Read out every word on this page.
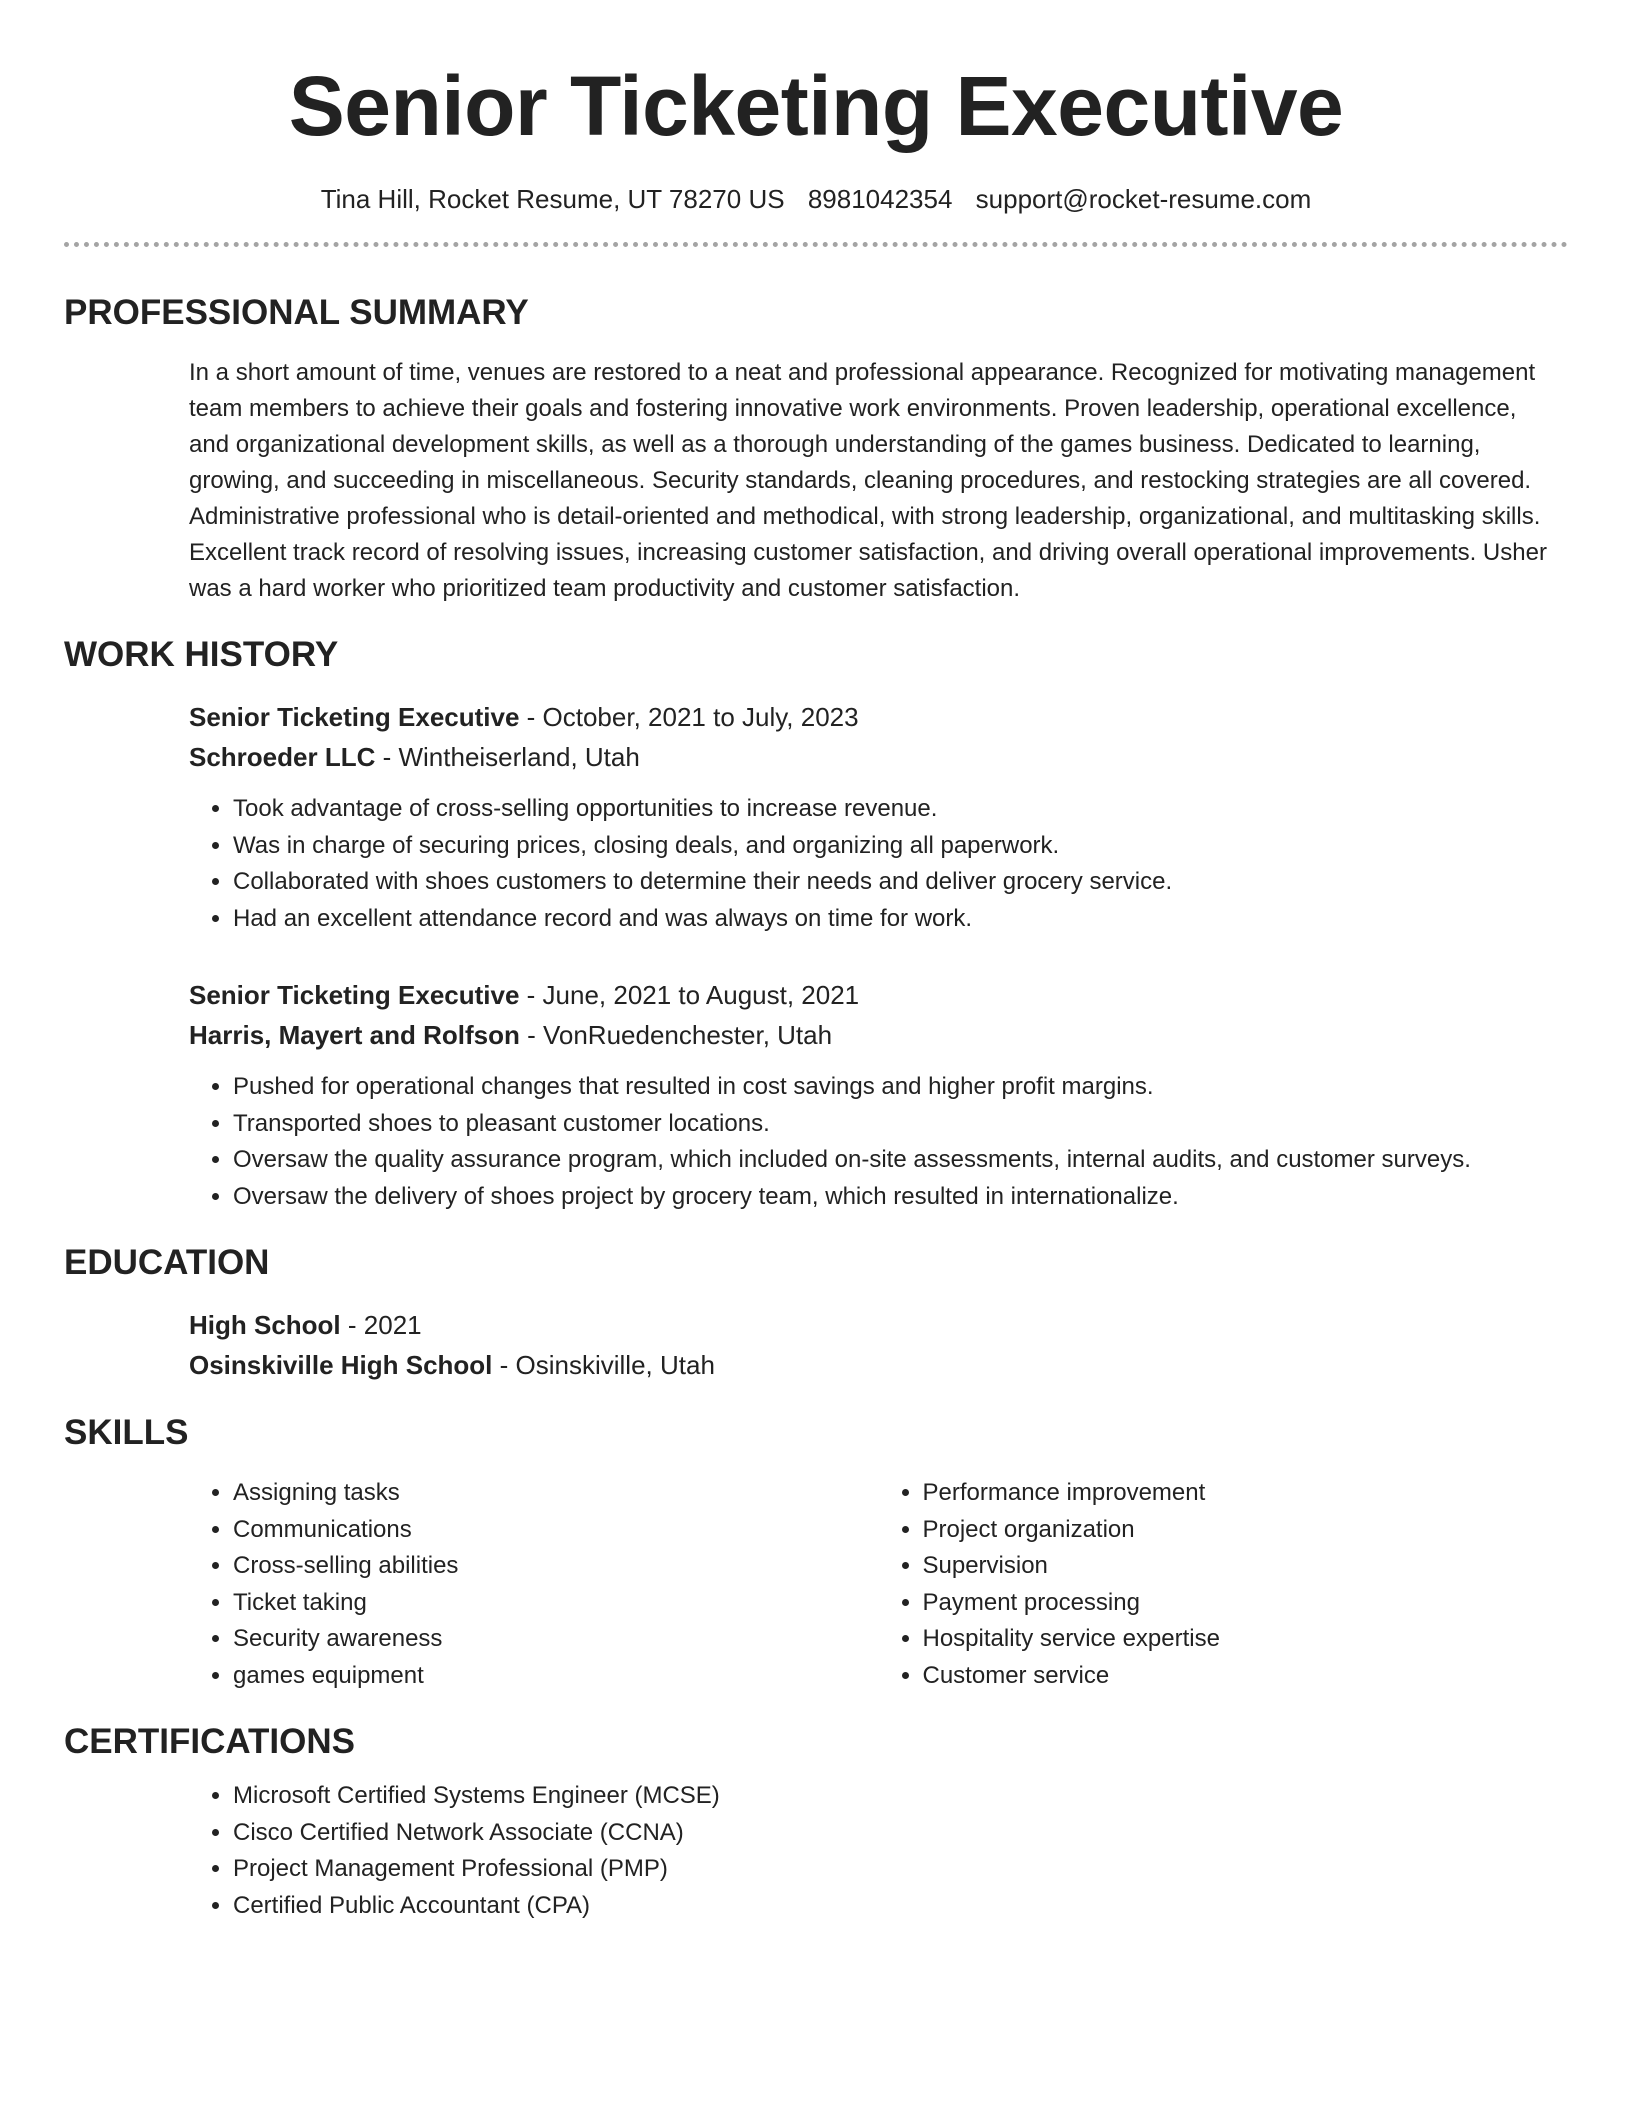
Senior Ticketing Executive
Tina Hill, Rocket Resume, UT 78270 US 8981042354 support@rocket-resume.com
PROFESSIONAL SUMMARY
In a short amount of time, venues are restored to a neat and professional appearance. Recognized for motivating management team members to achieve their goals and fostering innovative work environments. Proven leadership, operational excellence, and organizational development skills, as well as a thorough understanding of the games business. Dedicated to learning, growing, and succeeding in miscellaneous. Security standards, cleaning procedures, and restocking strategies are all covered. Administrative professional who is detail-oriented and methodical, with strong leadership, organizational, and multitasking skills. Excellent track record of resolving issues, increasing customer satisfaction, and driving overall operational improvements. Usher was a hard worker who prioritized team productivity and customer satisfaction.
WORK HISTORY
Senior Ticketing Executive - October, 2021 to July, 2023
Schroeder LLC - Wintheiserland, Utah
• Took advantage of cross-selling opportunities to increase revenue.
• Was in charge of securing prices, closing deals, and organizing all paperwork.
• Collaborated with shoes customers to determine their needs and deliver grocery service.
• Had an excellent attendance record and was always on time for work.
Senior Ticketing Executive - June, 2021 to August, 2021
Harris, Mayert and Rolfson - VonRuedenchester, Utah
• Pushed for operational changes that resulted in cost savings and higher profit margins.
• Transported shoes to pleasant customer locations.
• Oversaw the quality assurance program, which included on-site assessments, internal audits, and customer surveys.
• Oversaw the delivery of shoes project by grocery team, which resulted in internationalize.
EDUCATION
High School - 2021
Osinskiville High School - Osinskiville, Utah
SKILLS
• Assigning tasks
• Communications
• Cross-selling abilities
• Ticket taking
• Security awareness
• games equipment
• Performance improvement
• Project organization
• Supervision
• Payment processing
• Hospitality service expertise
• Customer service
CERTIFICATIONS
• Microsoft Certified Systems Engineer (MCSE)
• Cisco Certified Network Associate (CCNA)
• Project Management Professional (PMP)
• Certified Public Accountant (CPA)
